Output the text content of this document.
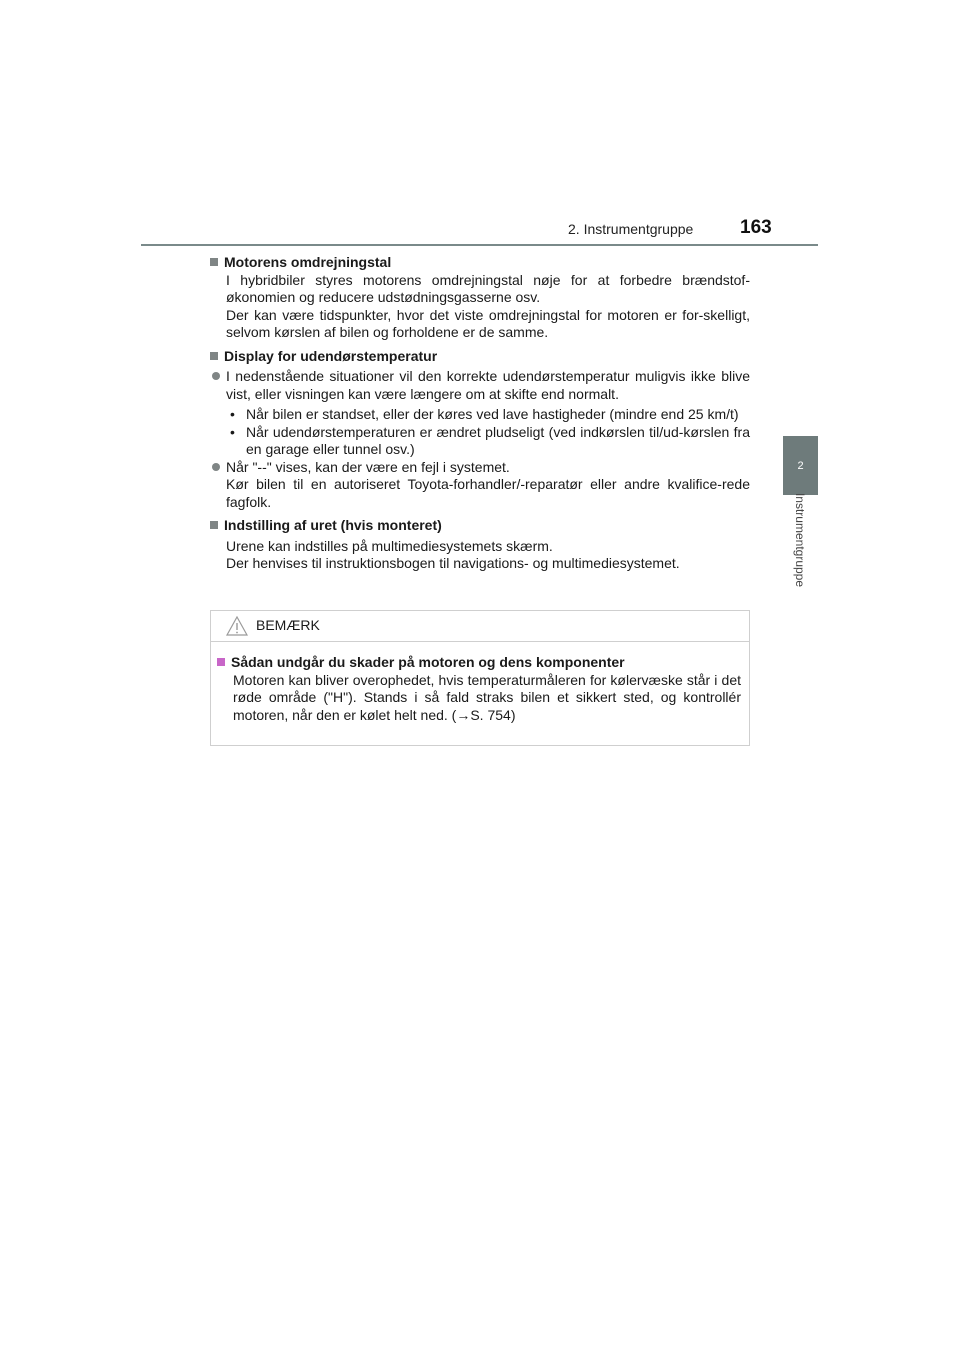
2. Instrumentgruppe 163
2
Instrumentgruppe
Motorens omdrejningstal
I hybridbiler styres motorens omdrejningstal nøje for at forbedre brændstof-økonomien og reducere udstødningsgasserne osv.
Der kan være tidspunkter, hvor det viste omdrejningstal for motoren er for-skelligt, selvom kørslen af bilen og forholdene er de samme.
Display for udendørstemperatur
I nedenstående situationer vil den korrekte udendørstemperatur muligvis ikke blive vist, eller visningen kan være længere om at skifte end normalt.
• Når bilen er standset, eller der køres ved lave hastigheder (mindre end 25 km/t)
• Når udendørstemperaturen er ændret pludseligt (ved indkørslen til/ud-kørslen fra en garage eller tunnel osv.)
Når "--" vises, kan der være en fejl i systemet.
Kør bilen til en autoriseret Toyota-forhandler/-reparatør eller andre kvalifice-rede fagfolk.
Indstilling af uret (hvis monteret)
Urene kan indstilles på multimediesystemets skærm.
Der henvises til instruktionsbogen til navigations- og multimediesystemet.
BEMÆRK
Sådan undgår du skader på motoren og dens komponenter
Motoren kan bliver overophedet, hvis temperaturmåleren for kølervæske står i det røde område ("H"). Stands i så fald straks bilen et sikkert sted, og kontrollér motoren, når den er kølet helt ned. (→S. 754)
